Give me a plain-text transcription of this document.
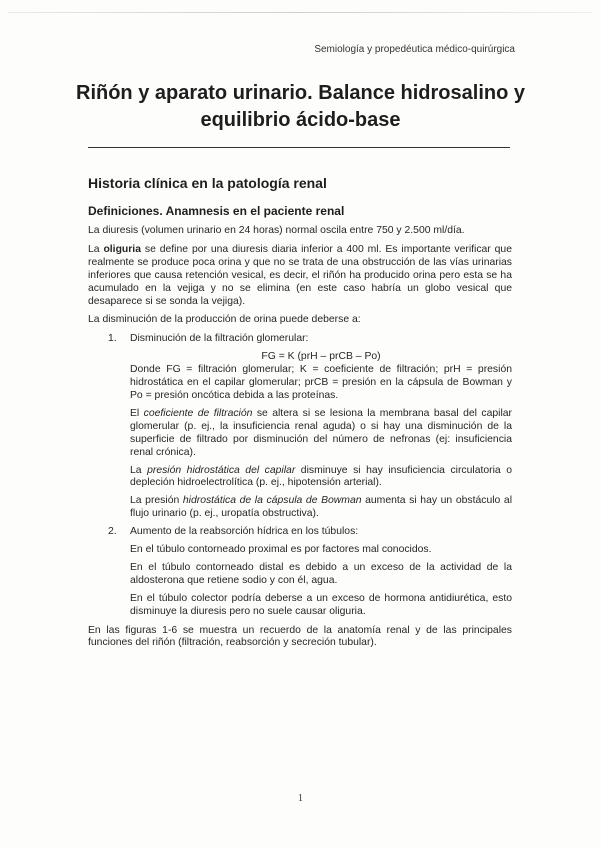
Semiología y propedéutica médico-quirúrgica
Riñón y aparato urinario. Balance hidrosalino y
equilibrio ácido-base
Historia clínica en la patología renal
Definiciones. Anamnesis en el paciente renal

La diuresis (volumen urinario en 24 horas) normal oscila entre 750 y 2.500 ml/día.

La oliguria se define por una diuresis diaria inferior a 400 ml. Es importante verificar que realmente se produce poca orina y que no se trata de una obstrucción de las vías urinarias inferiores que causa retención vesical, es decir, el riñón ha producido orina pero esta se ha acumulado en la vejiga y no se elimina (en este caso habría un globo vesical que desaparece si se sonda la vejiga).

La disminución de la producción de orina puede deberse a:

1. Disminución de la filtración glomerular:

FG = K (prH – prCB – Po)

Donde FG = filtración glomerular; K = coeficiente de filtración; prH = presión hidrostática en el capilar glomerular; prCB = presión en la cápsula de Bowman y Po = presión oncótica debida a las proteínas.

El coeficiente de filtración se altera si se lesiona la membrana basal del capilar glomerular (p. ej., la insuficiencia renal aguda) o si hay una disminución de la superficie de filtrado por disminución del número de nefronas (ej: insuficiencia renal crónica).

La presión hidrostática del capilar disminuye si hay insuficiencia circulatoria o depleción hidroelectrolítica (p. ej., hipotensión arterial).

La presión hidrostática de la cápsula de Bowman aumenta si hay un obstáculo al flujo urinario (p. ej., uropatía obstructiva).

2. Aumento de la reabsorción hídrica en los túbulos:

En el túbulo contorneado proximal es por factores mal conocidos.

En el túbulo contorneado distal es debido a un exceso de la actividad de la aldosterona que retiene sodio y con él, agua.

En el túbulo colector podría deberse a un exceso de hormona antidiurética, esto disminuye la diuresis pero no suele causar oliguria.

En las figuras 1-6 se muestra un recuerdo de la anatomía renal y de las principales funciones del riñón (filtración, reabsorción y secreción tubular).

1
